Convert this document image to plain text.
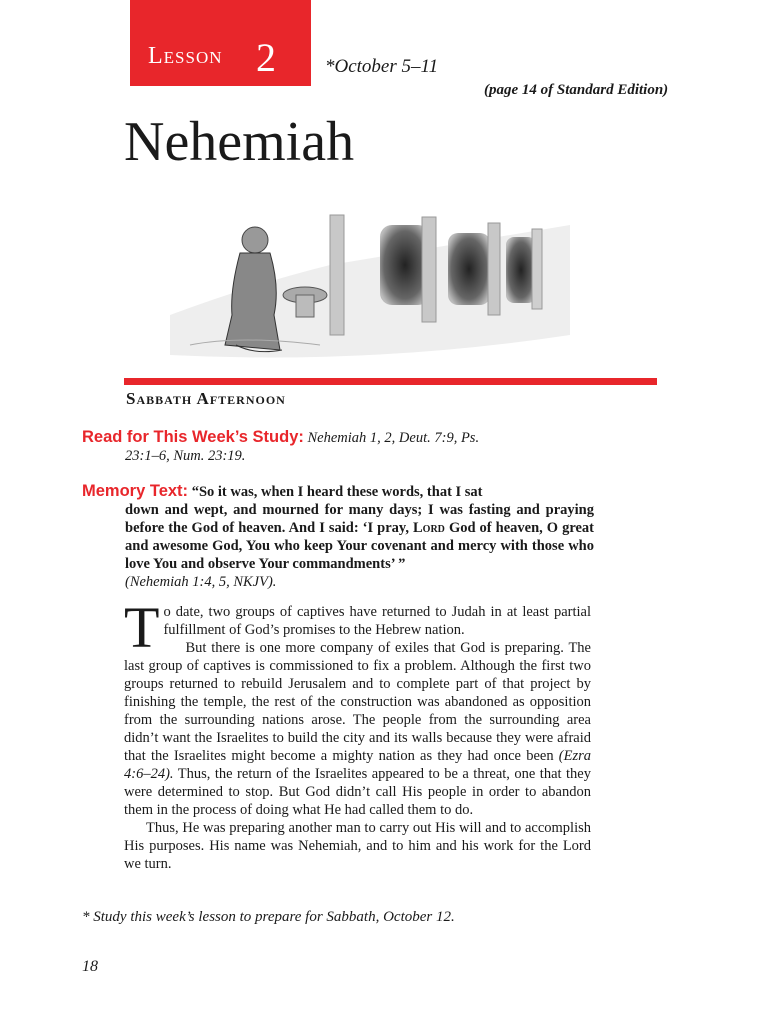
Lesson 2	*October 5–11
(page 14 of Standard Edition)
Nehemiah
Sabbath Afternoon
Read for This Week’s Study: Nehemiah 1, 2, Deut. 7:9, Ps.
23:1–6, Num. 23:19.
Memory Text: “So it was, when I heard these words, that I sat
down and wept, and mourned for many days; I was fasting and praying before the God of heaven. And I said: ‘I pray, Lord God of heaven, O great and awesome God, You who keep Your covenant and mercy with those who love You and observe Your commandments’ ”
(Nehemiah 1:4, 5, NKJV).

To date, two groups of captives have returned to Judah in at least partial fulfillment of God’s promises to the Hebrew nation.

But there is one more company of exiles that God is preparing. The last group of captives is commissioned to fix a problem. Although the first two groups returned to rebuild Jerusalem and to complete part of that project by finishing the temple, the rest of the construction was abandoned as opposition from the surrounding nations arose. The people from the surrounding area didn’t want the Israelites to build the city and its walls because they were afraid that the Israelites might become a mighty nation as they had once been (Ezra 4:6–24). Thus, the return of the Israelites appeared to be a threat, one that they were determined to stop. But God didn’t call His people in order to abandon them in the process of doing what He had called them to do.

Thus, He was preparing another man to carry out His will and to accomplish His purposes. His name was Nehemiah, and to him and his work for the Lord we turn.

* Study this week’s lesson to prepare for Sabbath, October 12.
18
